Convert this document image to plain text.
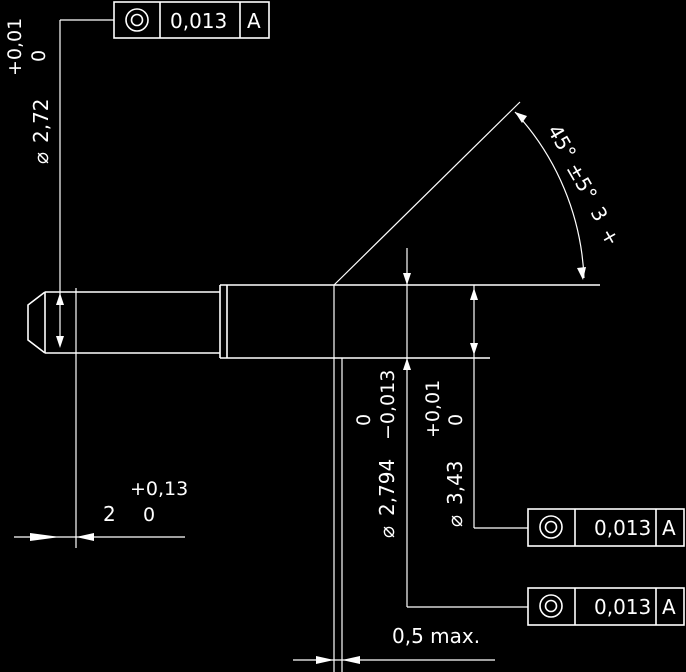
⌀
2,72
+0,01 0
0,013 A
45°
±5°
3
+
⌀
2,794
0 −0,013
⌀
3,43
+0,01 0
0,013 A
0,013 A
+0,13
2 0
0,5 max.
